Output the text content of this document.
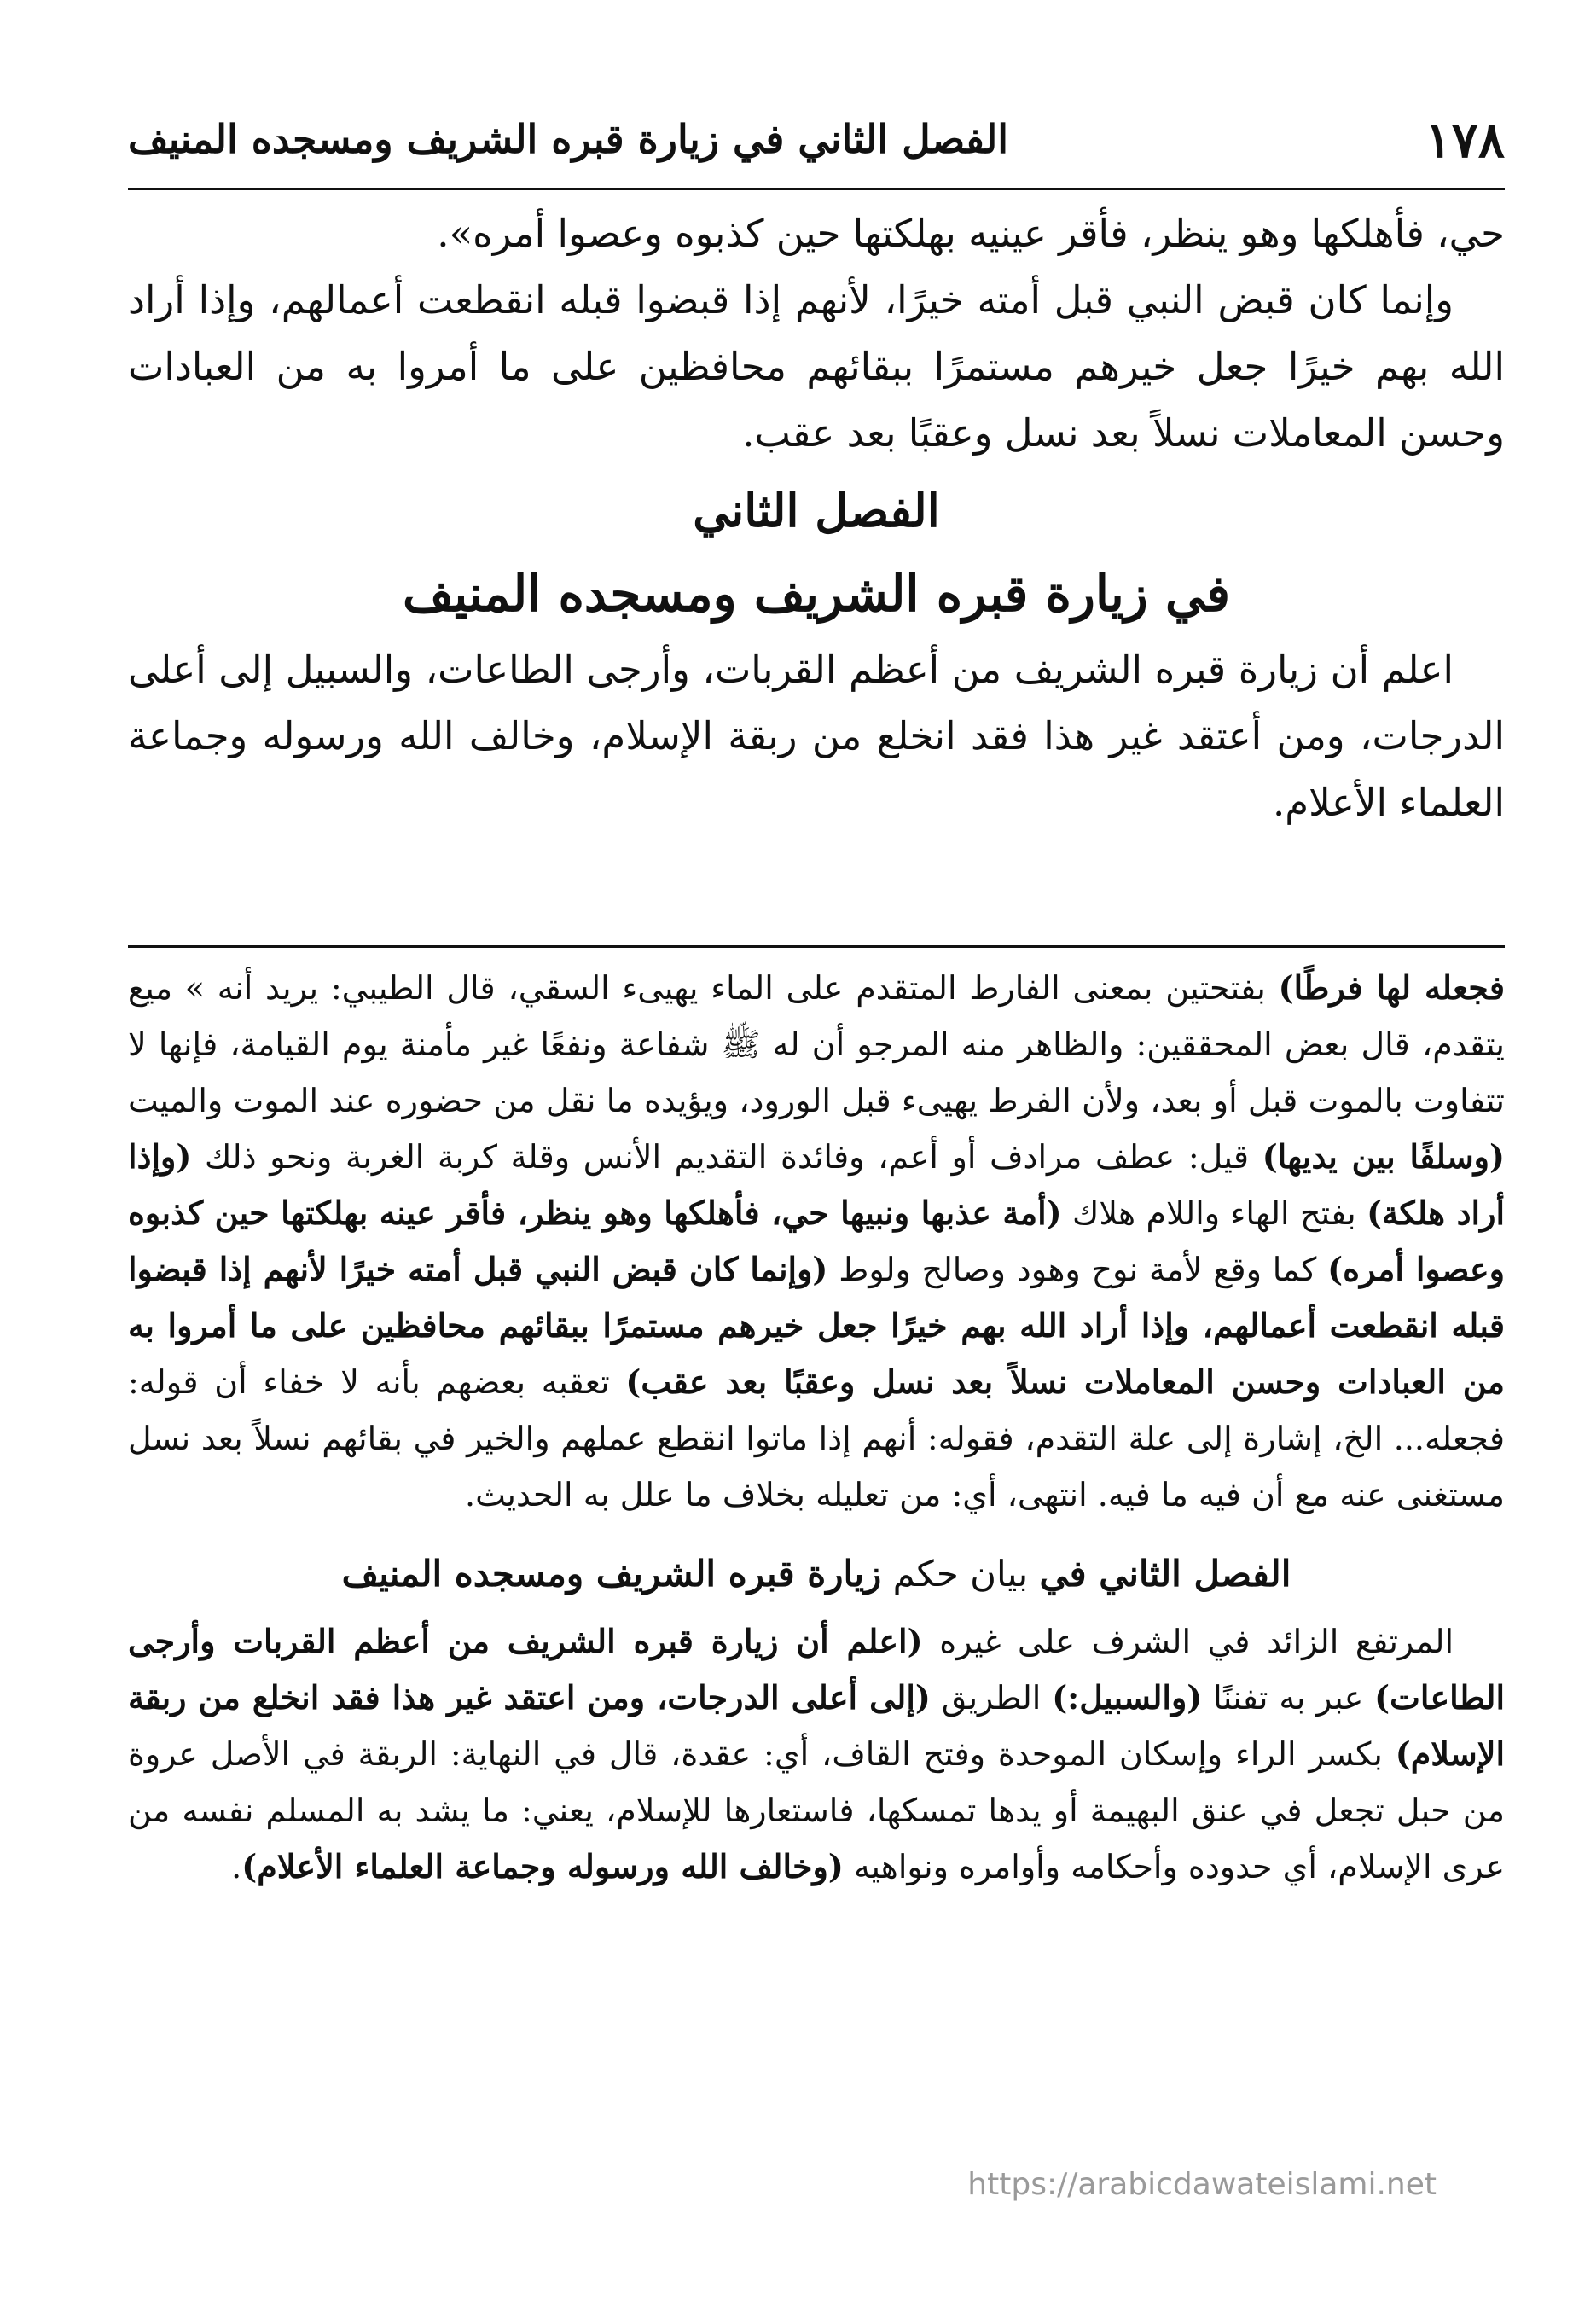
١٧٨
الفصل الثاني في زيارة قبره الشريف ومسجده المنيف

حي، فأهلكها وهو ينظر، فأقر عينيه بهلكتها حين كذبوه وعصوا أمره».

وإنما كان قبض النبي قبل أمته خيرًا، لأنهم إذا قبضوا قبله انقطعت أعمالهم، وإذا أراد الله بهم خيرًا جعل خيرهم مستمرًا ببقائهم محافظين على ما أمروا به من العبادات وحسن المعاملات نسلاً بعد نسل وعقبًا بعد عقب.

الفصل الثاني

في زيارة قبره الشريف ومسجده المنيف

اعلم أن زيارة قبره الشريف من أعظم القربات، وأرجى الطاعات، والسبيل إلى أعلى الدرجات، ومن أعتقد غير هذا فقد انخلع من ربقة الإسلام، وخالف الله ورسوله وجماعة العلماء الأعلام.

فجعله لها فرطًا) بفتحتين بمعنى الفارط المتقدم على الماء يهيىء السقي، قال الطيبي: يريد أنه » ميع يتقدم، قال بعض المحققين: والظاهر منه المرجو أن له ﷺ شفاعة ونفعًا غير مأمنة يوم القيامة، فإنها لا تتفاوت بالموت قبل أو بعد، ولأن الفرط يهيىء قبل الورود، ويؤيده ما نقل من حضوره عند الموت والميت (وسلفًا بين يديها) قيل: عطف مرادف أو أعم، وفائدة التقديم الأنس وقلة كربة الغربة ونحو ذلك (وإذا أراد هلكة) بفتح الهاء واللام هلاك (أمة عذبها ونبيها حي، فأهلكها وهو ينظر، فأقر عينه بهلكتها حين كذبوه وعصوا أمره) كما وقع لأمة نوح وهود وصالح ولوط (وإنما كان قبض النبي قبل أمته خيرًا لأنهم إذا قبضوا قبله انقطعت أعمالهم، وإذا أراد الله بهم خيرًا جعل خيرهم مستمرًا ببقائهم محافظين على ما أمروا به من العبادات وحسن المعاملات نسلاً بعد نسل وعقبًا بعد عقب) تعقبه بعضهم بأنه لا خفاء أن قوله: فجعله... الخ، إشارة إلى علة التقدم، فقوله: أنهم إذا ماتوا انقطع عملهم والخير في بقائهم نسلاً بعد نسل مستغنى عنه مع أن فيه ما فيه. انتهى، أي: من تعليله بخلاف ما علل به الحديث.

الفصل الثاني في بيان حكم زيارة قبره الشريف ومسجده المنيف

المرتفع الزائد في الشرف على غيره (اعلم أن زيارة قبره الشريف من أعظم القربات وأرجى الطاعات) عبر به تفننًا (والسبيل:) الطريق (إلى أعلى الدرجات، ومن اعتقد غير هذا فقد انخلع من ربقة الإسلام) بكسر الراء وإسكان الموحدة وفتح القاف، أي: عقدة، قال في النهاية: الربقة في الأصل عروة من حبل تجعل في عنق البهيمة أو يدها تمسكها، فاستعارها للإسلام، يعني: ما يشد به المسلم نفسه من عرى الإسلام، أي حدوده وأحكامه وأوامره ونواهيه (وخالف الله ورسوله وجماعة العلماء الأعلام).

https://arabicdawateislami.net
